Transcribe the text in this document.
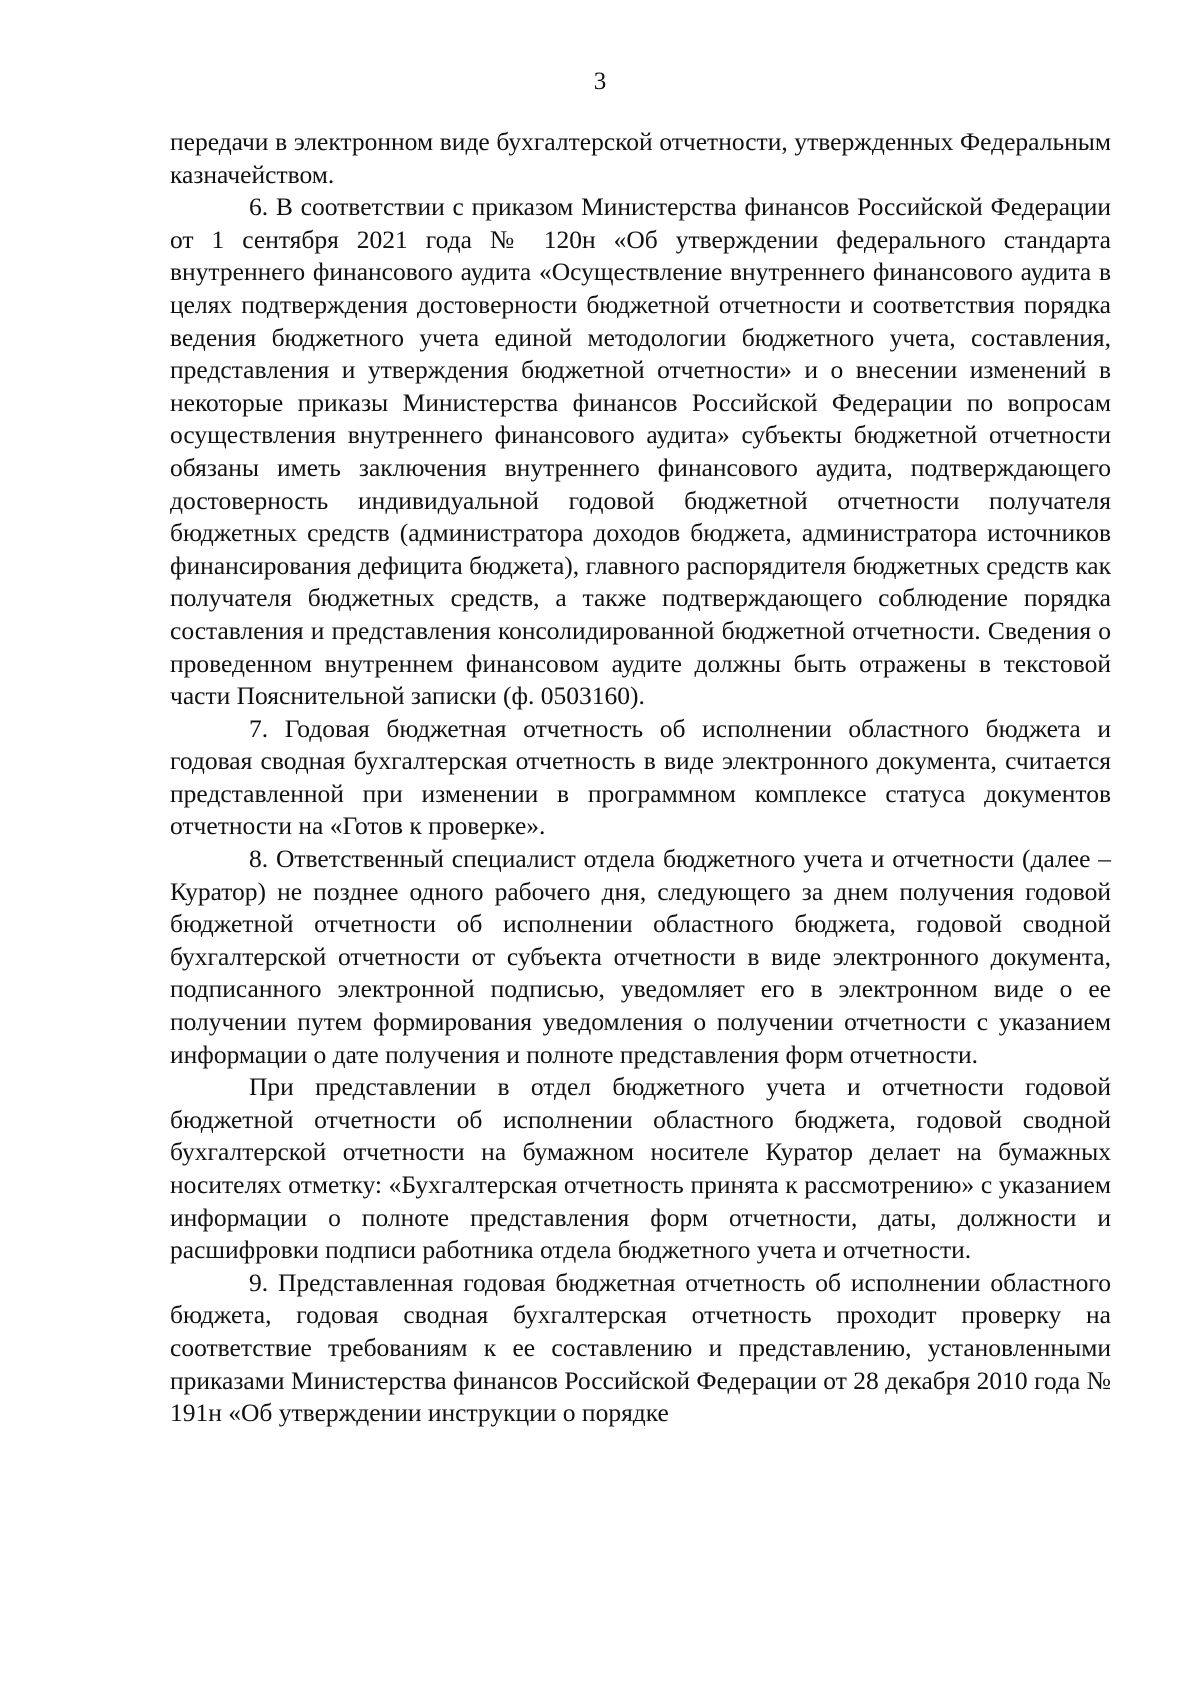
3

передачи в электронном виде бухгалтерской отчетности, утвержденных Федеральным казначейством.

6. В соответствии с приказом Министерства финансов Российской Федерации от 1 сентября 2021 года № 120н «Об утверждении федерального стандарта внутреннего финансового аудита «Осуществление внутреннего финансового аудита в целях подтверждения достоверности бюджетной отчетности и соответствия порядка ведения бюджетного учета единой методологии бюджетного учета, составления, представления и утверждения бюджетной отчетности» и о внесении изменений в некоторые приказы Министерства финансов Российской Федерации по вопросам осуществления внутреннего финансового аудита» субъекты бюджетной отчетности обязаны иметь заключения внутреннего финансового аудита, подтверждающего достоверность индивидуальной годовой бюджетной отчетности получателя бюджетных средств (администратора доходов бюджета, администратора источников финансирования дефицита бюджета), главного распорядителя бюджетных средств как получателя бюджетных средств, а также подтверждающего соблюдение порядка составления и представления консолидированной бюджетной отчетности. Сведения о проведенном внутреннем финансовом аудите должны быть отражены в текстовой части Пояснительной записки (ф. 0503160).

7. Годовая бюджетная отчетность об исполнении областного бюджета и годовая сводная бухгалтерская отчетность в виде электронного документа, считается представленной при изменении в программном комплексе статуса документов отчетности на «Готов к проверке».

8. Ответственный специалист отдела бюджетного учета и отчетности (далее – Куратор) не позднее одного рабочего дня, следующего за днем получения годовой бюджетной отчетности об исполнении областного бюджета, годовой сводной бухгалтерской отчетности от субъекта отчетности в виде электронного документа, подписанного электронной подписью, уведомляет его в электронном виде о ее получении путем формирования уведомления о получении отчетности с указанием информации о дате получения и полноте представления форм отчетности.

При представлении в отдел бюджетного учета и отчетности годовой бюджетной отчетности об исполнении областного бюджета, годовой сводной бухгалтерской отчетности на бумажном носителе Куратор делает на бумажных носителях отметку: «Бухгалтерская отчетность принята к рассмотрению» с указанием информации о полноте представления форм отчетности, даты, должности и расшифровки подписи работника отдела бюджетного учета и отчетности.

9. Представленная годовая бюджетная отчетность об исполнении областного бюджета, годовая сводная бухгалтерская отчетность проходит проверку на соответствие требованиям к ее составлению и представлению, установленными приказами Министерства финансов Российской Федерации от 28 декабря 2010 года № 191н «Об утверждении инструкции о порядке
